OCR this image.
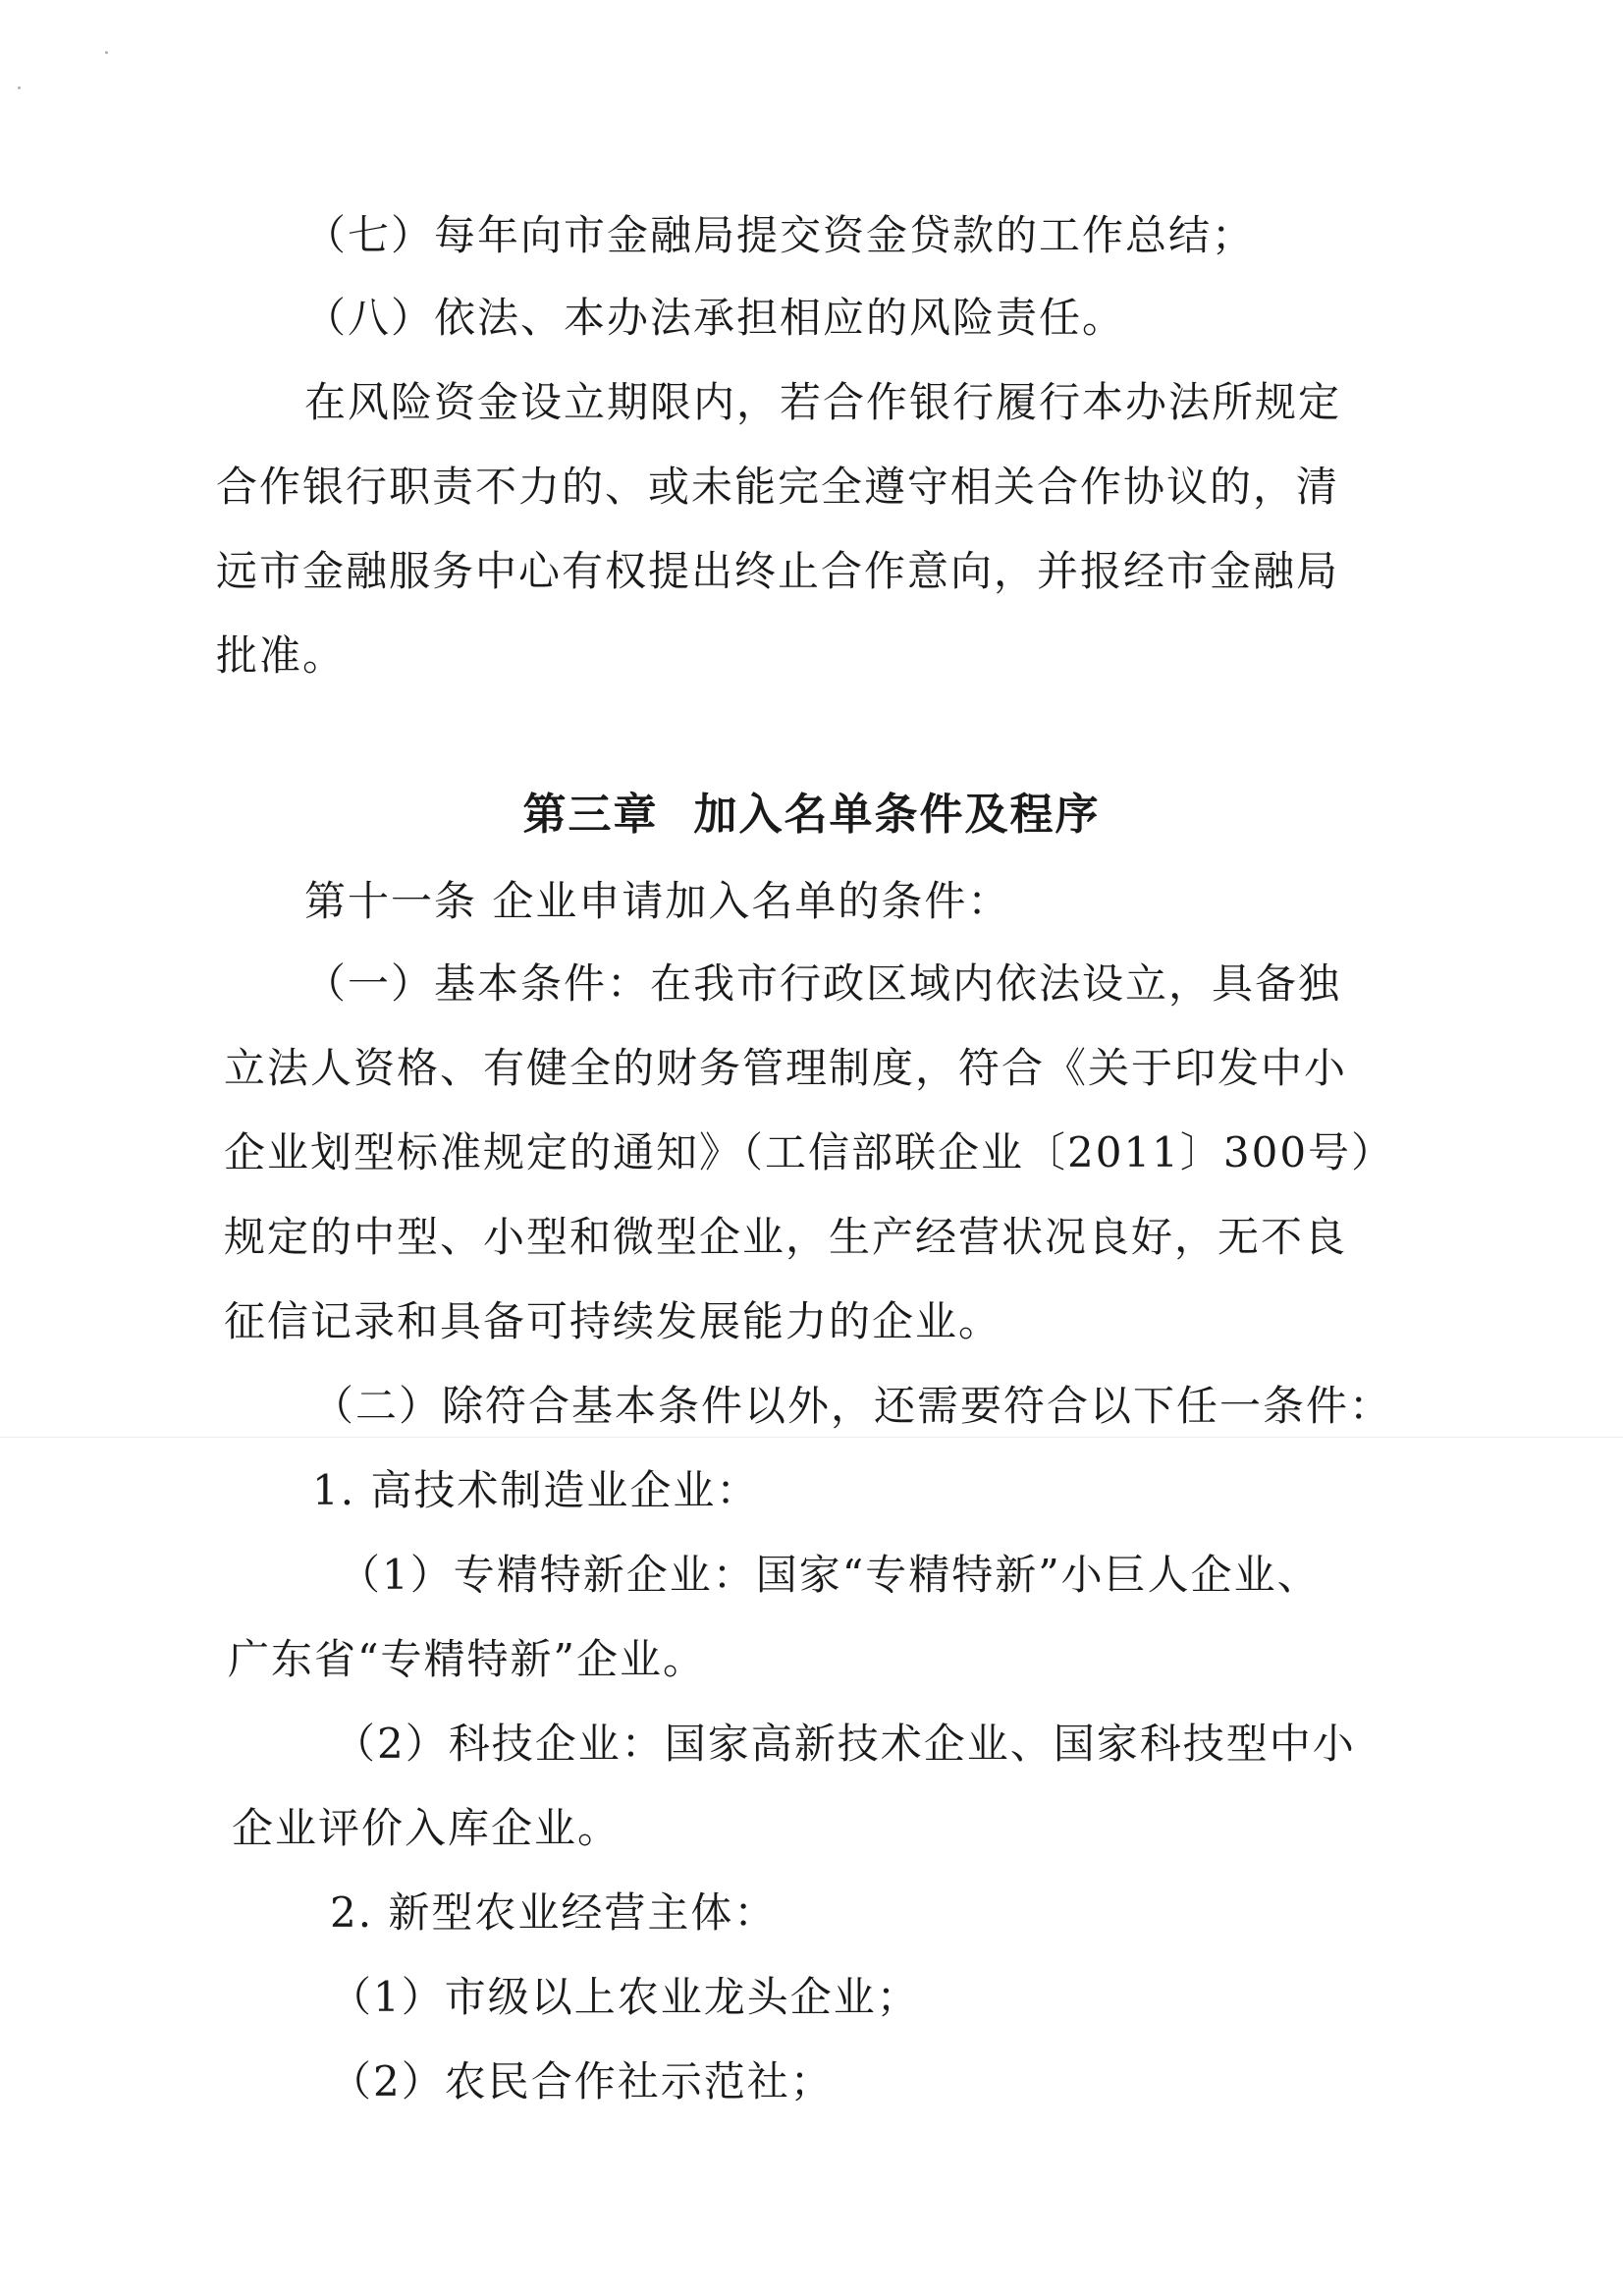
（七）每年向市金融局提交资金贷款的工作总结；
（八）依法、本办法承担相应的风险责任。
在风险资金设立期限内，若合作银行履行本办法所规定
合作银行职责不力的、或未能完全遵守相关合作协议的，清
远市金融服务中心有权提出终止合作意向，并报经市金融局
批准。
第三章 加入名单条件及程序
第十一条 企业申请加入名单的条件：
（一）基本条件：在我市行政区域内依法设立，具备独
立法人资格、有健全的财务管理制度，符合《关于印发中小
企业划型标准规定的通知》（工信部联企业〔2011〕300号）
规定的中型、小型和微型企业，生产经营状况良好，无不良
征信记录和具备可持续发展能力的企业。
（二）除符合基本条件以外，还需要符合以下任一条件：
1. 高技术制造业企业：
（1）专精特新企业：国家“专精特新”小巨人企业、
广东省“专精特新”企业。
（2）科技企业：国家高新技术企业、国家科技型中小
企业评价入库企业。
2. 新型农业经营主体：
（1）市级以上农业龙头企业；
（2）农民合作社示范社；
